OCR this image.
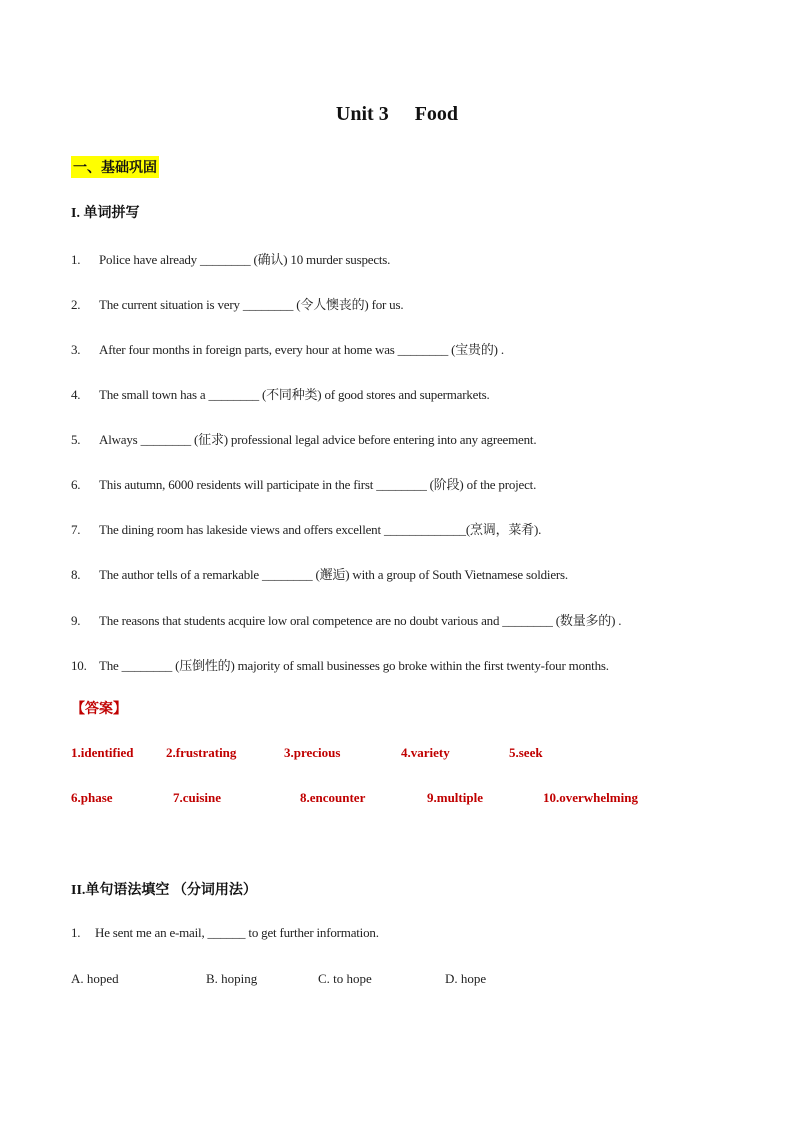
Unit 3 Food
一、基础巩固
I. 单词拼写
1. Police have already ________ (确认) 10 murder suspects.
2. The current situation is very ________ (令人懊丧的) for us.
3. After four months in foreign parts, every hour at home was ________ (宝贵的) .
4. The small town has a ________ (不同种类) of good stores and supermarkets.
5. Always ________ (征求) professional legal advice before entering into any agreement.
6. This autumn, 6000 residents will participate in the first ________ (阶段) of the project.
7. The dining room has lakeside views and offers excellent _____________(烹调，菜肴).
8. The author tells of a remarkable ________ (邂逅) with a group of South Vietnamese soldiers.
9. The reasons that students acquire low oral competence are no doubt various and ________ (数量多的) .
10. The ________ (压倒性的) majority of small businesses go broke within the first twenty-four months.
【答案】
1.identified	2.frustrating	3.precious	4.variety	5.seek
6.phase	7.cuisine	8.encounter	9.multiple	10.overwhelming
II.单句语法填空 （分词用法）
1. He sent me an e-mail, ______ to get further information.
A. hoped	B. hoping	C. to hope	D. hope
